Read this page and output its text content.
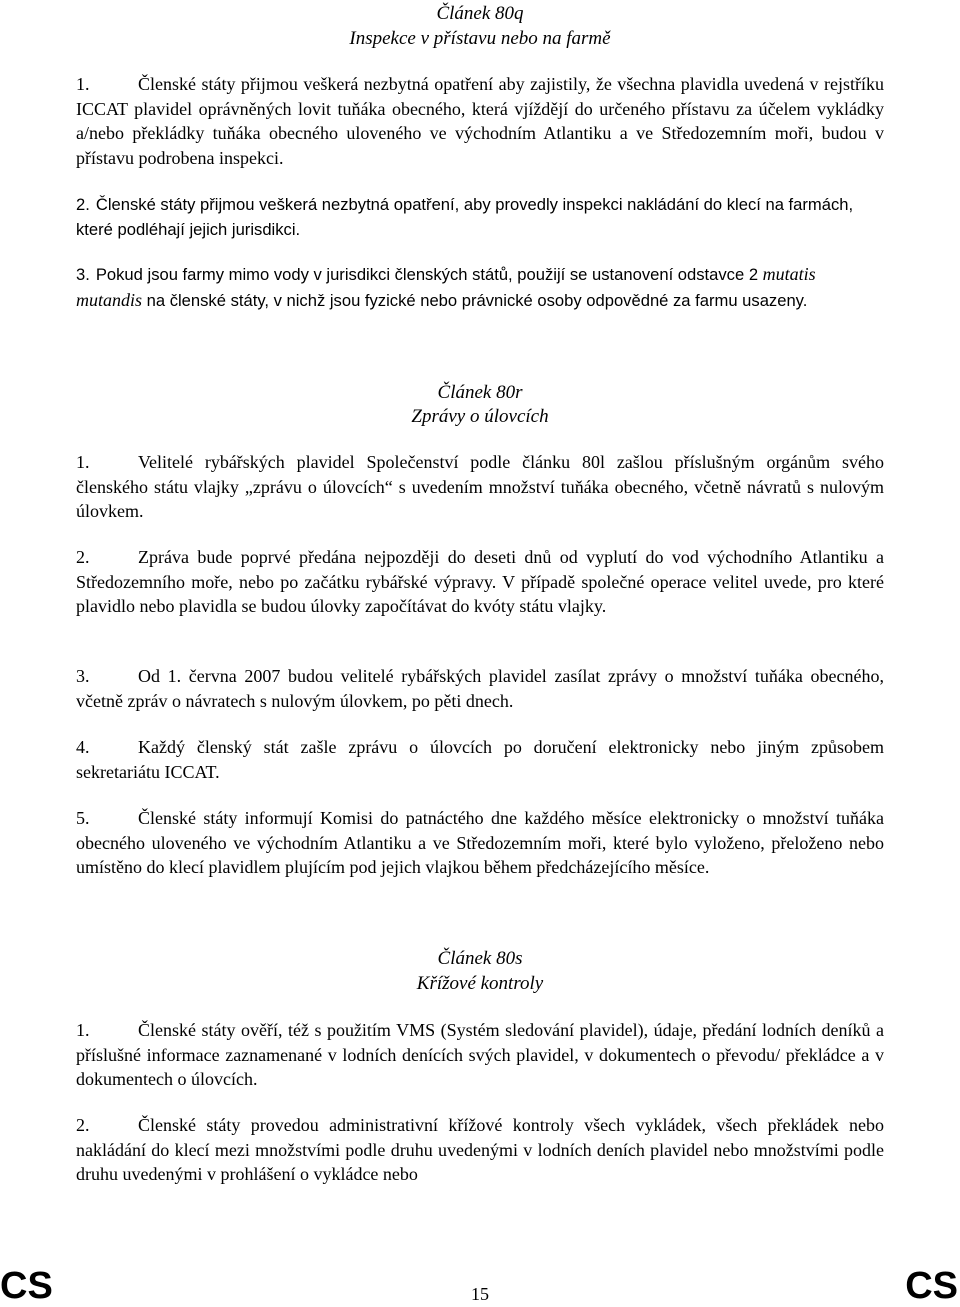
Článek 80q
Inspekce v přístavu nebo na farmě

1.	Členské státy přijmou veškerá nezbytná opatření aby zajistily, že všechna plavidla uvedená v rejstříku ICCAT plavidel oprávněných lovit tuňáka obecného, která vjíždějí do určeného přístavu za účelem vykládky a/nebo překládky tuňáka obecného uloveného ve východním Atlantiku a ve Středozemním moři, budou v přístavu podrobena inspekci.

2. Členské státy přijmou veškerá nezbytná opatření, aby provedly inspekci nakládání do klecí na farmách, které podléhají jejich jurisdikci.

3. Pokud jsou farmy mimo vody v jurisdikci členských států, použijí se ustanovení odstavce 2 mutatis mutandis na členské státy, v nichž jsou fyzické nebo právnické osoby odpovědné za farmu usazeny.

Článek 80r
Zprávy o úlovcích

1.	Velitelé rybářských plavidel Společenství podle článku 80l zašlou příslušným orgánům svého členského státu vlajky „zprávu o úlovcích“ s uvedením množství tuňáka obecného, včetně návratů s nulovým úlovkem.

2.	Zpráva bude poprvé předána nejpozději do deseti dnů od vyplutí do vod východního Atlantiku a Středozemního moře, nebo po začátku rybářské výpravy. V případě společné operace velitel uvede, pro které plavidlo nebo plavidla se budou úlovky započítávat do kvóty státu vlajky.

3.	Od 1. června 2007 budou velitelé rybářských plavidel zasílat zprávy o množství tuňáka obecného, včetně zpráv o návratech s nulovým úlovkem, po pěti dnech.

4.	Každý členský stát zašle zprávu o úlovcích po doručení elektronicky nebo jiným způsobem sekretariátu ICCAT.

5.	Členské státy informují Komisi do patnáctého dne každého měsíce elektronicky o množství tuňáka obecného uloveného ve východním Atlantiku a ve Středozemním moři, které bylo vyloženo, přeloženo nebo umístěno do klecí plavidlem plujícím pod jejich vlajkou během předcházejícího měsíce.

Článek 80s
Křížové kontroly

1.	Členské státy ověří, též s použitím VMS (Systém sledování plavidel), údaje, předání lodních deníků a příslušné informace zaznamenané v lodních denících svých plavidel, v dokumentech o převodu/ překládce a v dokumentech o úlovcích.

2.	Členské státy provedou administrativní křížové kontroly všech vykládek, všech překládek nebo nakládání do klecí mezi množstvími podle druhu uvedenými v lodních deních plavidel nebo množstvími podle druhu uvedenými v prohlášení o vykládce nebo

CS	15	CS
